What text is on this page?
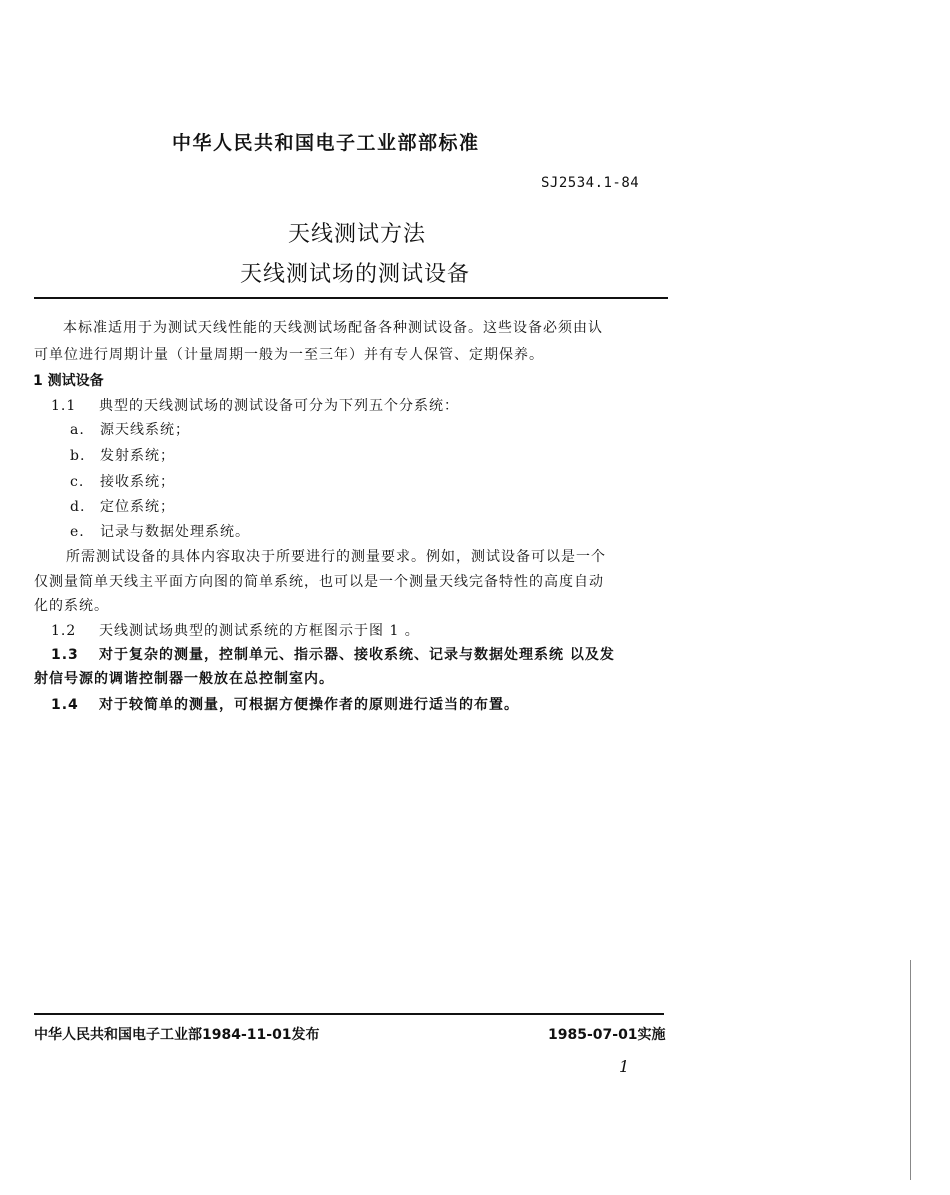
中华人民共和国电子工业部部标准
SJ2534.1-84
天线测试方法
天线测试场的测试设备
本标准适用于为测试天线性能的天线测试场配备各种测试设备。这些设备必须由认
可单位进行周期计量（计量周期一般为一至三年）并有专人保管、定期保养。
1 测试设备
1.1 典型的天线测试场的测试设备可分为下列五个分系统：
a. 源天线系统；
b. 发射系统；
c. 接收系统；
d. 定位系统；
e. 记录与数据处理系统。
所需测试设备的具体内容取决于所要进行的测量要求。例如，测试设备可以是一个
仅测量简单天线主平面方向图的简单系统，也可以是一个测量天线完备特性的高度自动
化的系统。
1.2 天线测试场典型的测试系统的方框图示于图 1 。
1.3 对于复杂的测量，控制单元、指示器、接收系统、记录与数据处理系统 以及发
射信号源的调谐控制器一般放在总控制室内。
1.4 对于较简单的测量，可根据方便操作者的原则进行适当的布置。
中华人民共和国电子工业部1984-11-01发布	1985-07-01实施
1
